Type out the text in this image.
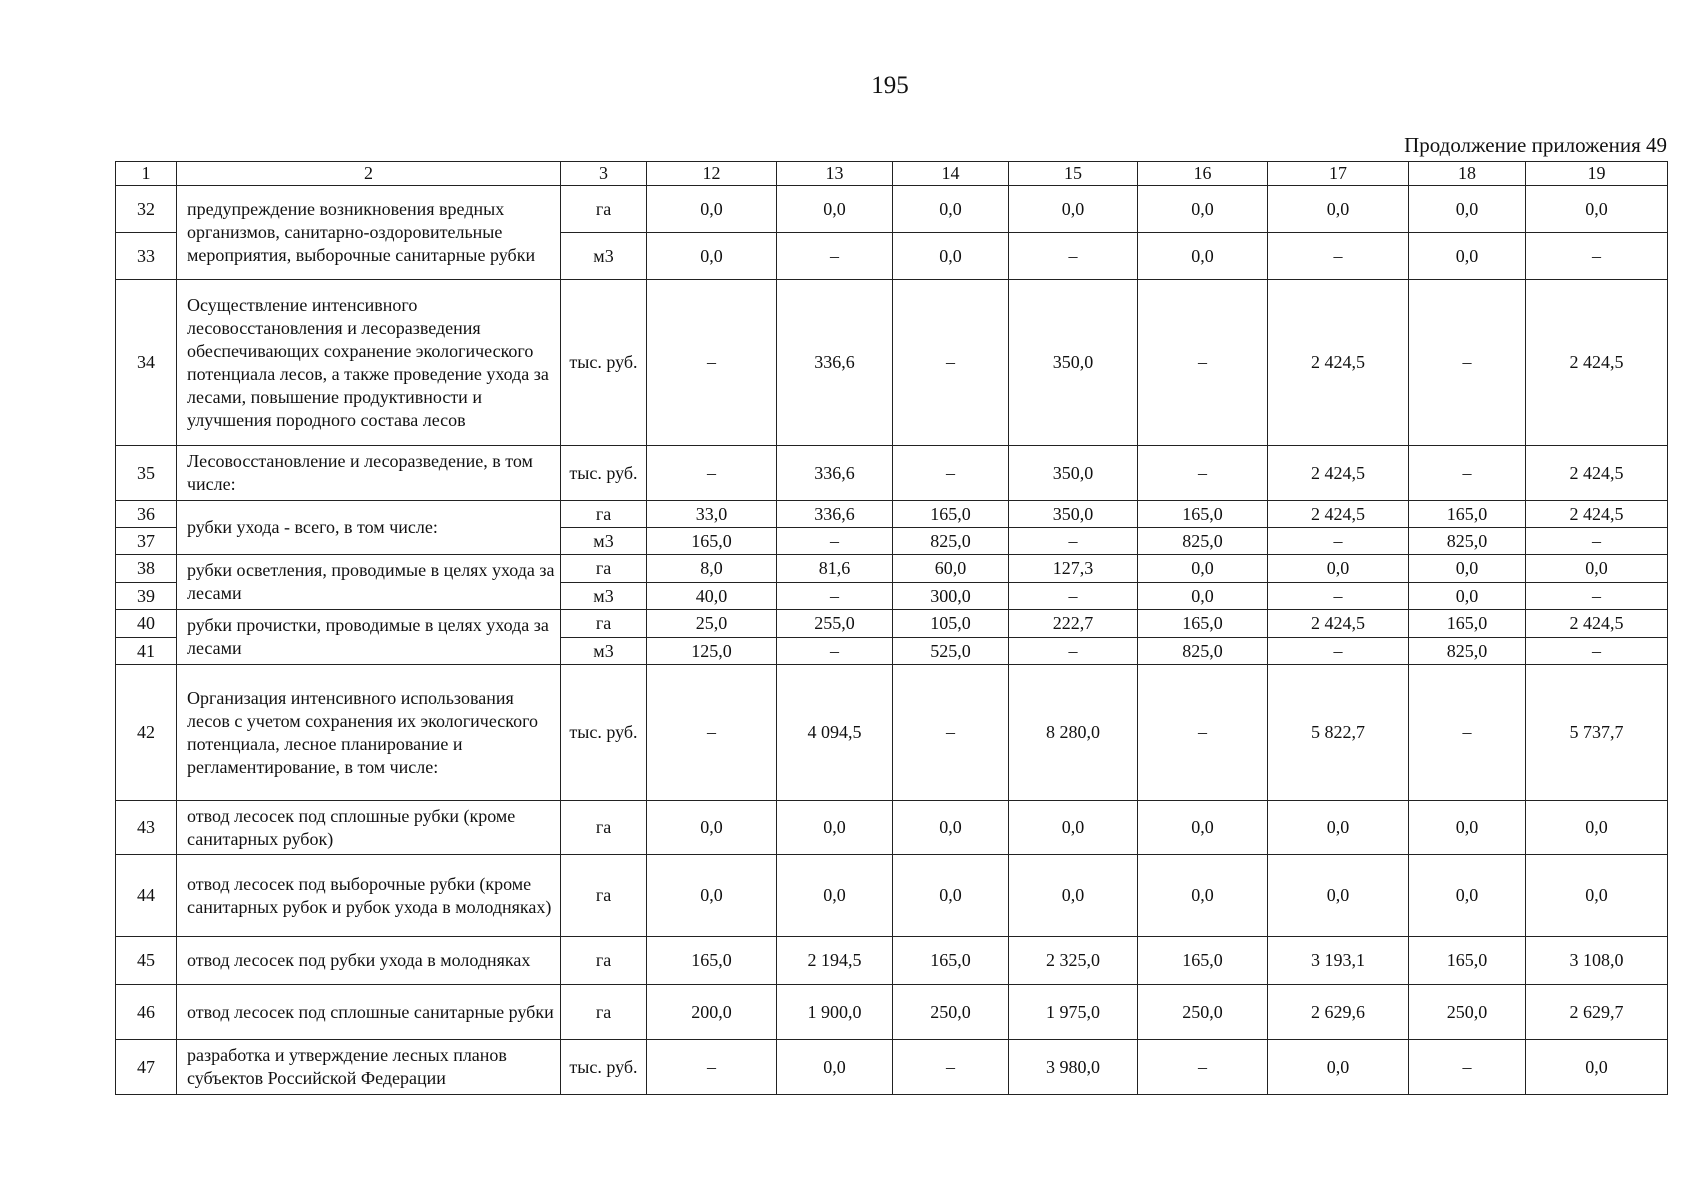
195
Продолжение приложения 49
1	2	3	12	13	14	15	16	17	18	19
32	предупреждение возникновения вредных организмов, санитарно-оздоровительные мероприятия, выборочные санитарные рубки	га	0,0	0,0	0,0	0,0	0,0	0,0	0,0	0,0
33		м3	0,0	–	0,0	–	0,0	–	0,0	–
34	Осуществление интенсивного лесовосстановления и лесоразведения обеспечивающих сохранение экологического потенциала лесов, а также проведение ухода за лесами, повышение продуктивности и улучшения породного состава лесов	тыс. руб.	–	336,6	–	350,0	–	2 424,5	–	2 424,5
35	Лесовосстановление и лесоразведение, в том числе:	тыс. руб.	–	336,6	–	350,0	–	2 424,5	–	2 424,5
36	рубки ухода - всего, в том числе:	га	33,0	336,6	165,0	350,0	165,0	2 424,5	165,0	2 424,5
37		м3	165,0	–	825,0	–	825,0	–	825,0	–
38	рубки осветления, проводимые в целях ухода за лесами	га	8,0	81,6	60,0	127,3	0,0	0,0	0,0	0,0
39		м3	40,0	–	300,0	–	0,0	–	0,0	–
40	рубки прочистки, проводимые в целях ухода за лесами	га	25,0	255,0	105,0	222,7	165,0	2 424,5	165,0	2 424,5
41		м3	125,0	–	525,0	–	825,0	–	825,0	–
42	Организация интенсивного использования лесов с учетом сохранения их экологического потенциала, лесное планирование и регламентирование, в том числе:	тыс. руб.	–	4 094,5	–	8 280,0	–	5 822,7	–	5 737,7
43	отвод лесосек под сплошные рубки (кроме санитарных рубок)	га	0,0	0,0	0,0	0,0	0,0	0,0	0,0	0,0
44	отвод лесосек под выборочные рубки (кроме санитарных рубок и рубок ухода в молодняках)	га	0,0	0,0	0,0	0,0	0,0	0,0	0,0	0,0
45	отвод лесосек под рубки ухода в молодняках	га	165,0	2 194,5	165,0	2 325,0	165,0	3 193,1	165,0	3 108,0
46	отвод лесосек под сплошные санитарные рубки	га	200,0	1 900,0	250,0	1 975,0	250,0	2 629,6	250,0	2 629,7
47	разработка и утверждение лесных планов субъектов Российской Федерации	тыс. руб.	–	0,0	–	3 980,0	–	0,0	–	0,0
